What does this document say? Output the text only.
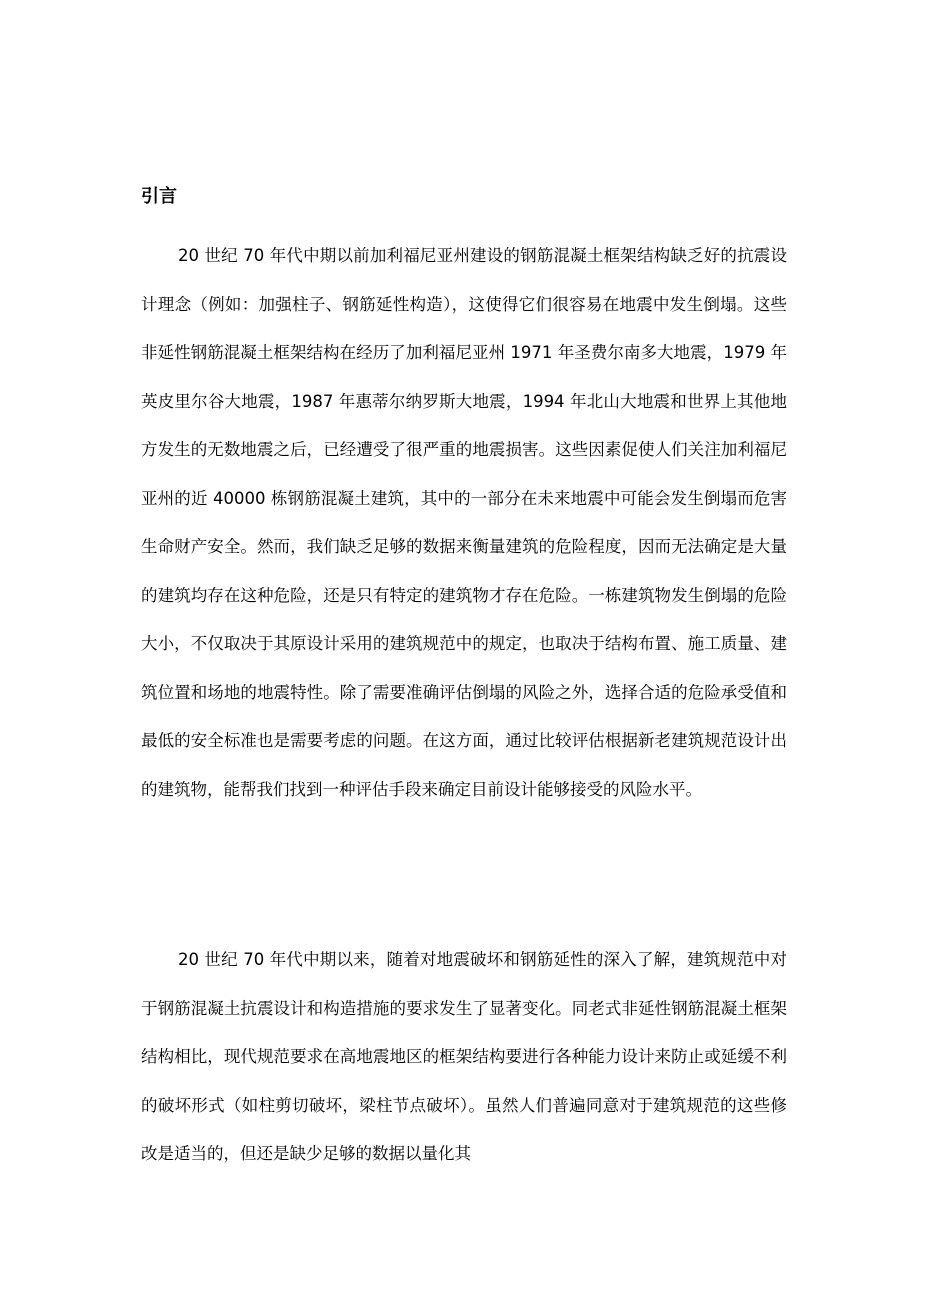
引言

20 世纪 70 年代中期以前加利福尼亚州建设的钢筋混凝土框架结构缺乏好的抗震设计理念（例如：加强柱子、钢筋延性构造），这使得它们很容易在地震中发生倒塌。这些非延性钢筋混凝土框架结构在经历了加利福尼亚州 1971 年圣费尔南多大地震，1979 年英皮里尔谷大地震，1987 年惠蒂尔纳罗斯大地震，1994 年北山大地震和世界上其他地方发生的无数地震之后，已经遭受了很严重的地震损害。这些因素促使人们关注加利福尼亚州的近 40000 栋钢筋混凝土建筑，其中的一部分在未来地震中可能会发生倒塌而危害生命财产安全。然而，我们缺乏足够的数据来衡量建筑的危险程度，因而无法确定是大量的建筑均存在这种危险，还是只有特定的建筑物才存在危险。一栋建筑物发生倒塌的危险大小，不仅取决于其原设计采用的建筑规范中的规定，也取决于结构布置、施工质量、建筑位置和场地的地震特性。除了需要准确评估倒塌的风险之外，选择合适的危险承受值和最低的安全标准也是需要考虑的问题。在这方面，通过比较评估根据新老建筑规范设计出的建筑物，能帮我们找到一种评估手段来确定目前设计能够接受的风险水平。

20 世纪 70 年代中期以来，随着对地震破坏和钢筋延性的深入了解，建筑规范中对于钢筋混凝土抗震设计和构造措施的要求发生了显著变化。同老式非延性钢筋混凝土框架结构相比，现代规范要求在高地震地区的框架结构要进行各种能力设计来防止或延缓不利的破坏形式（如柱剪切破坏，梁柱节点破坏）。虽然人们普遍同意对于建筑规范的这些修改是适当的，但还是缺少足够的数据以量化其
